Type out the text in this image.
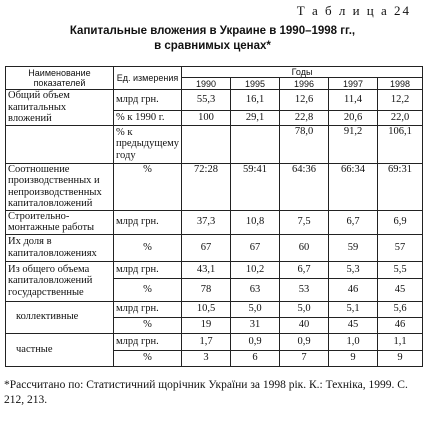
Т а б л и ц а 24
Капитальные вложения в Украине в 1990–1998 гг.,
в сравнимых ценах*
Наименование показателей	Ед. измерения	Годы				
		1990	1995	1996	1997	1998
Общий объем капитальных вложений	млрд грн.	55,3	16,1	12,6	11,4	12,2
	% к 1990 г.	100	29,1	22,8	20,6	22,0
	% к предыдущему году			78,0	91,2	106,1
Соотношение производственных и непроизводственных капиталовложений	%	72:28	59:41	64:36	66:34	69:31
Строительно-монтажные работы	млрд грн.	37,3	10,8	7,5	6,7	6,9
Их доля в капиталовложениях	%	67	67	60	59	57
Из общего объема капиталовложений государственные	млрд грн.	43,1	10,2	6,7	5,3	5,5
	%	78	63	53	46	45
коллективные	млрд грн.	10,5	5,0	5,0	5,1	5,6
	%	19	31	40	45	46
частные	млрд грн.	1,7	0,9	0,9	1,0	1,1
	%	3	6	7	9	9
*Рассчитано по: Статистичний щорічник України за 1998 рік. К.: Техніка, 1999. С. 212, 213.
